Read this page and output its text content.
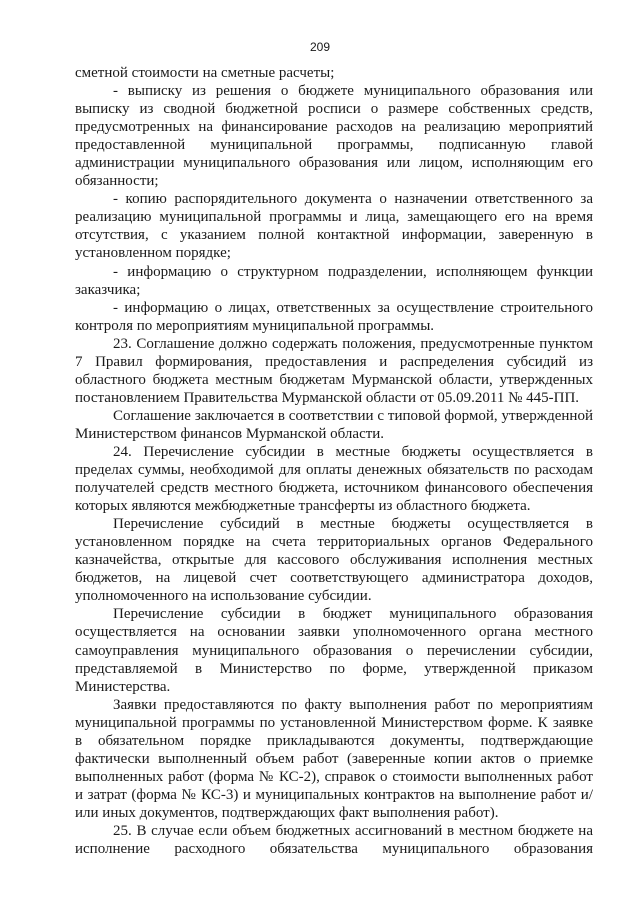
209

сметной стоимости на сметные расчеты;

- выписку из решения о бюджете муниципального образования или выписку из сводной бюджетной росписи о размере собственных средств, предусмотренных на финансирование расходов на реализацию мероприятий предоставленной муниципальной программы, подписанную главой администрации муниципального образования или лицом, исполняющим его обязанности;

- копию распорядительного документа о назначении ответственного за реализацию муниципальной программы и лица, замещающего его на время отсутствия, с указанием полной контактной информации, заверенную в установленном порядке;

- информацию о структурном подразделении, исполняющем функции заказчика;

- информацию о лицах, ответственных за осуществление строительного контроля по мероприятиям муниципальной программы.

23. Соглашение должно содержать положения, предусмотренные пунктом 7 Правил формирования, предоставления и распределения субсидий из областного бюджета местным бюджетам Мурманской области, утвержденных постановлением Правительства Мурманской области от 05.09.2011 № 445-ПП.

Соглашение заключается в соответствии с типовой формой, утвержденной Министерством финансов Мурманской области.

24. Перечисление субсидии в местные бюджеты осуществляется в пределах суммы, необходимой для оплаты денежных обязательств по расходам получателей средств местного бюджета, источником финансового обеспечения которых являются межбюджетные трансферты из областного бюджета.

Перечисление субсидий в местные бюджеты осуществляется в установленном порядке на счета территориальных органов Федерального казначейства, открытые для кассового обслуживания исполнения местных бюджетов, на лицевой счет соответствующего администратора доходов, уполномоченного на использование субсидии.

Перечисление субсидии в бюджет муниципального образования осуществляется на основании заявки уполномоченного органа местного самоуправления муниципального образования о перечислении субсидии, представляемой в Министерство по форме, утвержденной приказом Министерства.

Заявки предоставляются по факту выполнения работ по мероприятиям муниципальной программы по установленной Министерством форме. К заявке в обязательном порядке прикладываются документы, подтверждающие фактически выполненный объем работ (заверенные копии актов о приемке выполненных работ (форма № КС-2), справок о стоимости выполненных работ и затрат (форма № КС-3) и муниципальных контрактов на выполнение работ и/или иных документов, подтверждающих факт выполнения работ).

25. В случае если объем бюджетных ассигнований в местном бюджете на исполнение расходного обязательства муниципального образования
